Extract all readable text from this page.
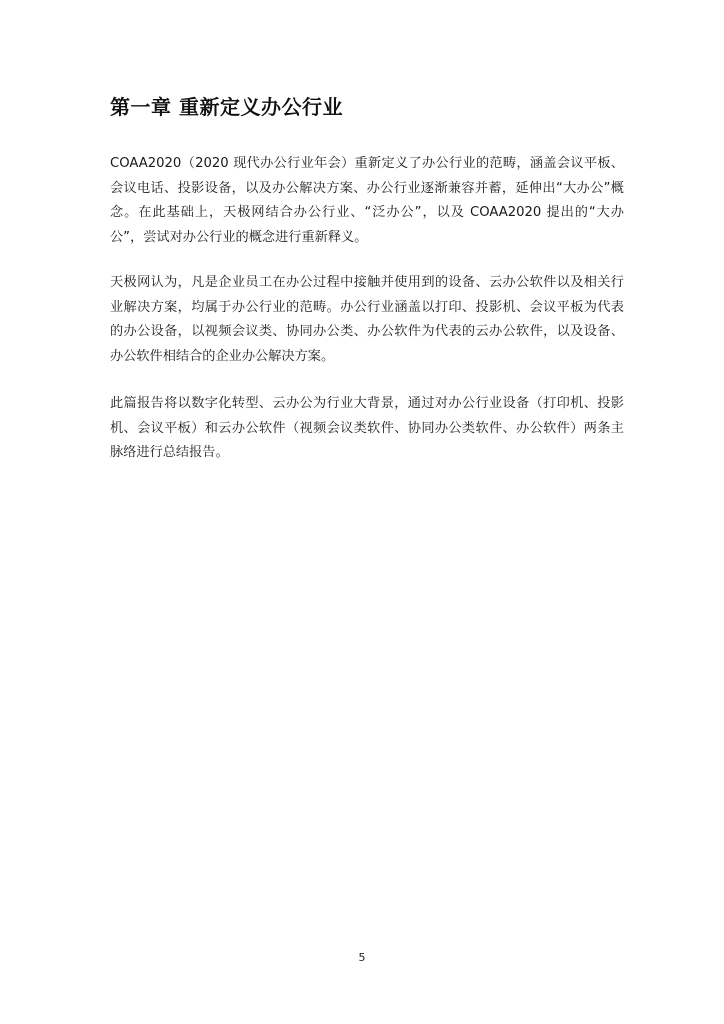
第一章 重新定义办公行业

COAA2020（2020 现代办公行业年会）重新定义了办公行业的范畴，涵盖会议平板、会议电话、投影设备，以及办公解决方案、办公行业逐渐兼容并蓄，延伸出“大办公”概念。在此基础上，天极网结合办公行业、“泛办公”，以及 COAA2020 提出的“大办公”，尝试对办公行业的概念进行重新释义。

天极网认为，凡是企业员工在办公过程中接触并使用到的设备、云办公软件以及相关行业解决方案，均属于办公行业的范畴。办公行业涵盖以打印、投影机、会议平板为代表的办公设备，以视频会议类、协同办公类、办公软件为代表的云办公软件，以及设备、办公软件相结合的企业办公解决方案。

此篇报告将以数字化转型、云办公为行业大背景，通过对办公行业设备（打印机、投影机、会议平板）和云办公软件（视频会议类软件、协同办公类软件、办公软件）两条主脉络进行总结报告。

5
